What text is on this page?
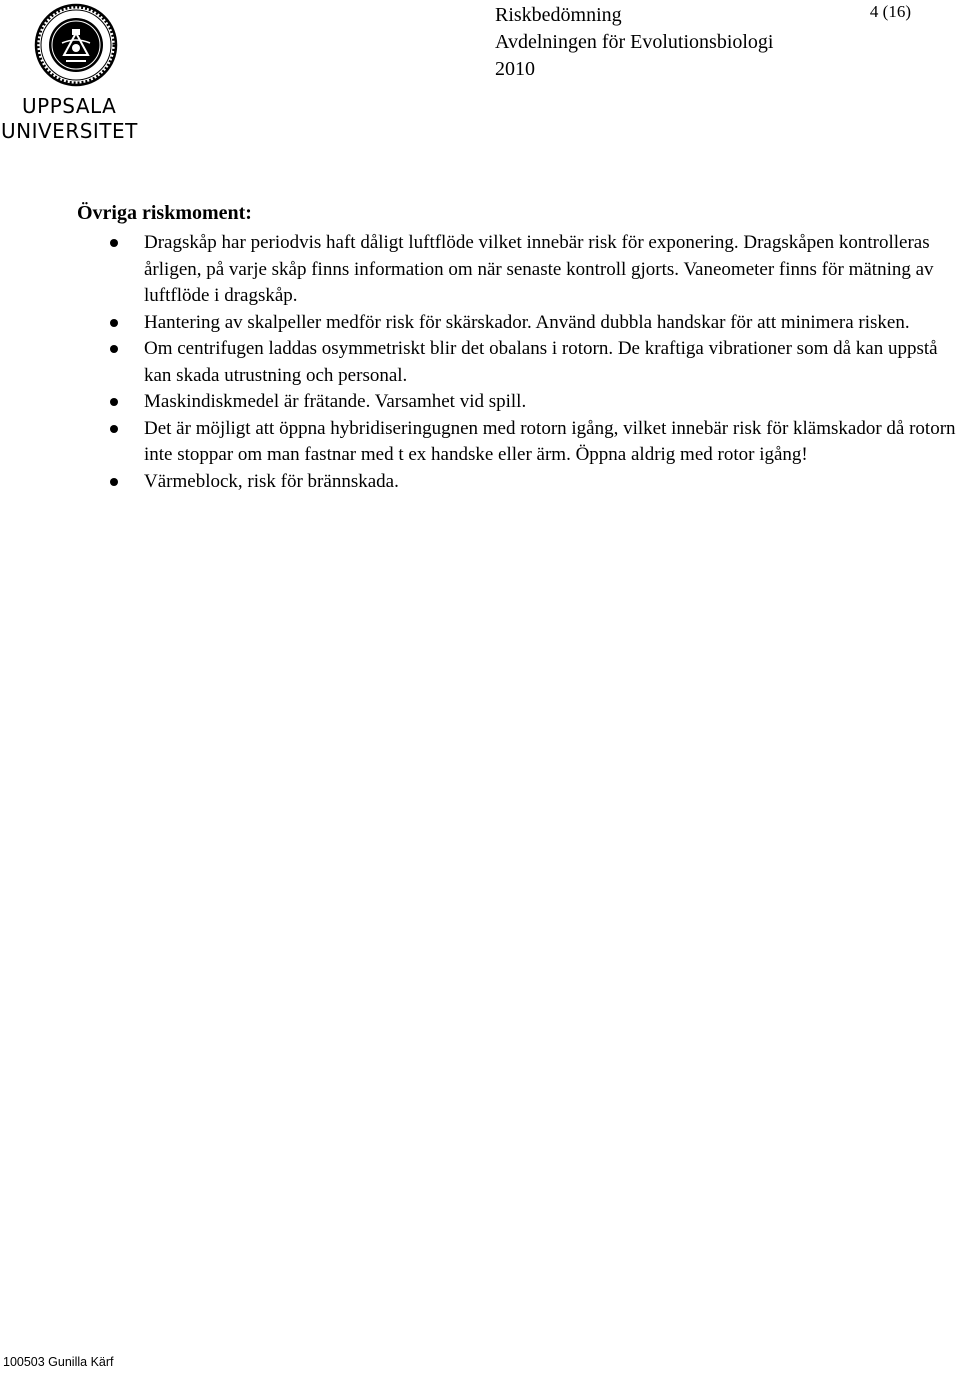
UPPSALA
UNIVERSITET
Riskbedömning
Avdelningen för Evolutionsbiologi
2010
4 (16)
Övriga riskmoment:
Dragskåp har periodvis haft dåligt luftflöde vilket innebär risk för exponering. Dragskåpen kontrolleras årligen, på varje skåp finns information om när senaste kontroll gjorts. Vaneometer finns för mätning av luftflöde i dragskåp.
Hantering av skalpeller medför risk för skärskador. Använd dubbla handskar för att minimera risken.
Om centrifugen laddas osymmetriskt blir det obalans i rotorn. De kraftiga vibrationer som då kan uppstå kan skada utrustning och personal.
Maskindiskmedel är frätande. Varsamhet vid spill.
Det är möjligt att öppna hybridiseringugnen med rotorn igång, vilket innebär risk för klämskador då rotorn inte stoppar om man fastnar med t ex handske eller ärm. Öppna aldrig med rotor igång!
Värmeblock, risk för brännskada.
100503 Gunilla Kärf
